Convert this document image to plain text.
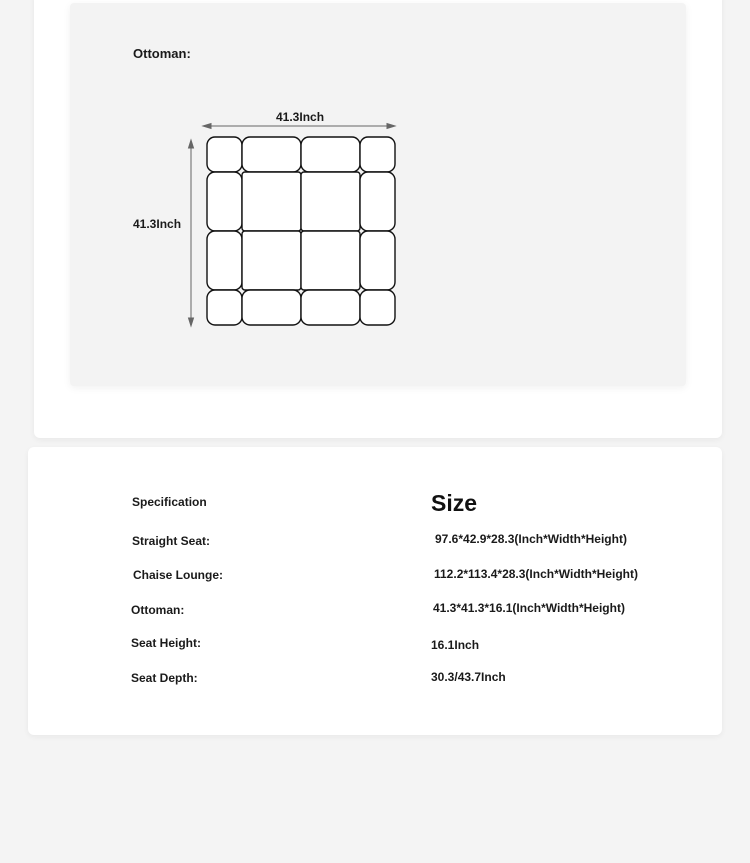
Ottoman:
41.3Inch
41.3Inch
Specification	Size
Straight Seat:	97.6*42.9*28.3(Inch*Width*Height)
Chaise Lounge:	112.2*113.4*28.3(Inch*Width*Height)
Ottoman:	41.3*41.3*16.1(Inch*Width*Height)
Seat Height:	16.1Inch
Seat Depth:	30.3/43.7Inch
